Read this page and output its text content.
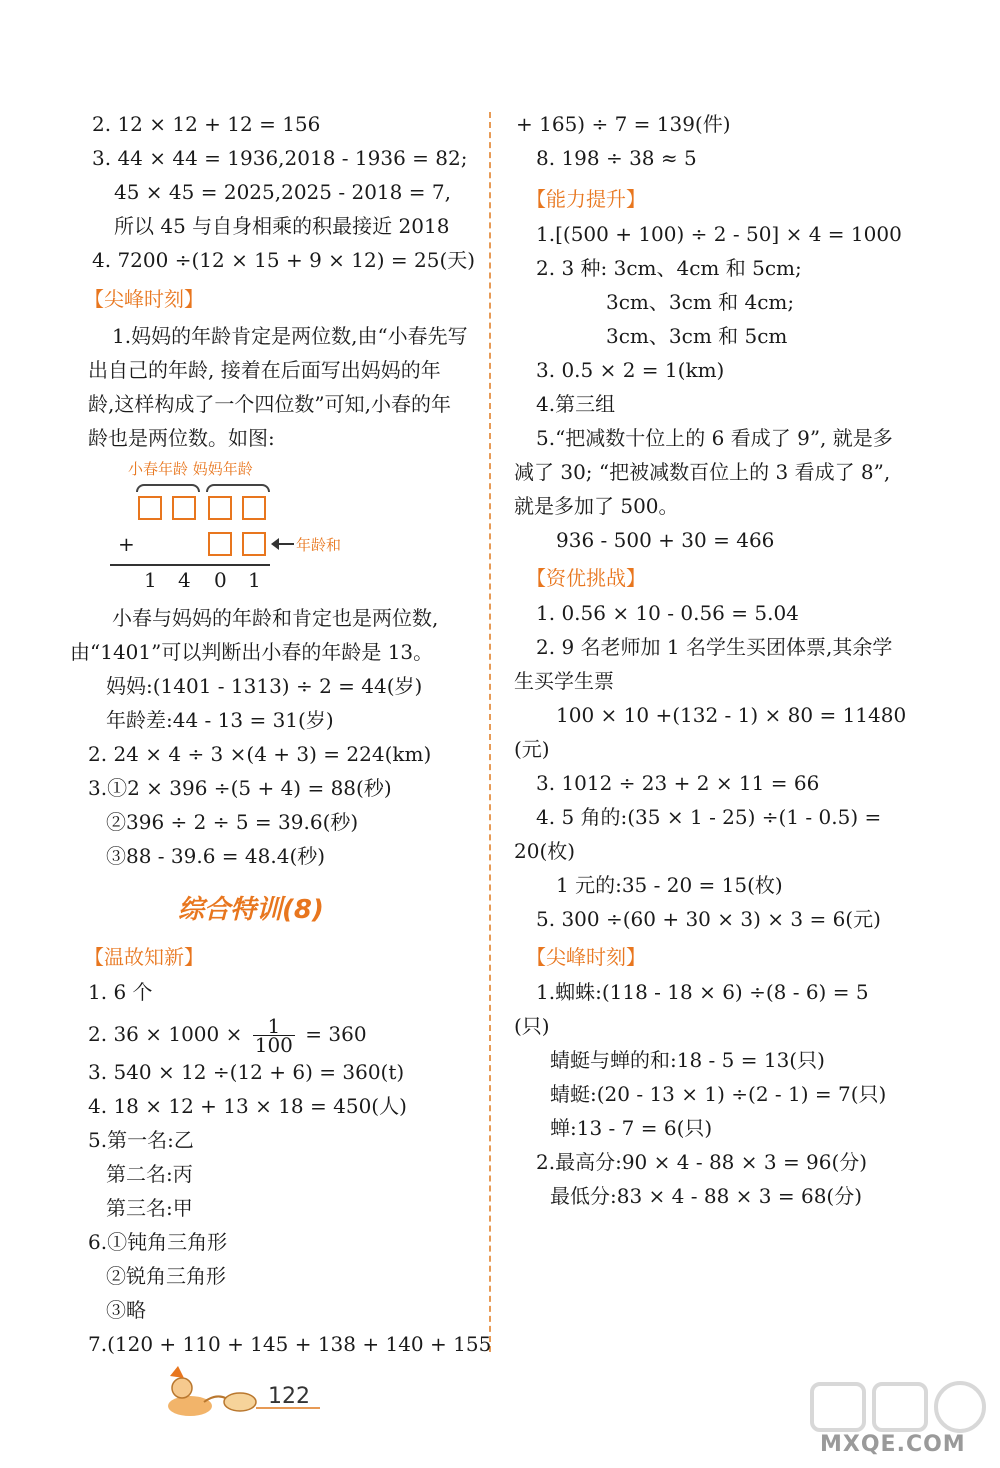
2. 12 × 12 + 12 = 156
3. 44 × 44 = 1936,2018 - 1936 = 82;
45 × 45 = 2025,2025 - 2018 = 7,
所以 45 与自身相乘的积最接近 2018
4. 7200 ÷(12 × 15 + 9 × 12) = 25(天)
【尖峰时刻】
1.妈妈的年龄肯定是两位数,由“小春先写
出自己的年龄, 接着在后面写出妈妈的年
龄,这样构成了一个四位数”可知,小春的年
龄也是两位数。如图:
小春年龄 妈妈年龄
+	年龄和
1 4 0 1
小春与妈妈的年龄和肯定也是两位数,
由“1401”可以判断出小春的年龄是 13。
妈妈:(1401 - 1313) ÷ 2 = 44(岁)
年龄差:44 - 13 = 31(岁)
2. 24 × 4 ÷ 3 ×(4 + 3) = 224(km)
3.①2 × 396 ÷(5 + 4) = 88(秒)
②396 ÷ 2 ÷ 5 = 39.6(秒)
③88 - 39.6 = 48.4(秒)
综合特训(8)
【温故知新】
1. 6 个
2. $36 \times 1000 \times \frac{1}{100} = 360$
3. 540 × 12 ÷(12 + 6) = 360(t)
4. 18 × 12 + 13 × 18 = 450(人)
5.第一名:乙
第二名:丙
第三名:甲
6.①钝角三角形
②锐角三角形
③略
7.(120 + 110 + 145 + 138 + 140 + 155
+ 165) ÷ 7 = 139(件)
8. 198 ÷ 38 ≈ 5
【能力提升】
1.[(500 + 100) ÷ 2 - 50] × 4 = 1000
2. 3 种: 3cm、4cm 和 5cm;
3cm、3cm 和 4cm;
3cm、3cm 和 5cm
3. 0.5 × 2 = 1(km)
4.第三组
5.“把减数十位上的 6 看成了 9”, 就是多
减了 30; “把被减数百位上的 3 看成了 8”,
就是多加了 500。
936 - 500 + 30 = 466
【资优挑战】
1. 0.56 × 10 - 0.56 = 5.04
2. 9 名老师加 1 名学生买团体票,其余学
生买学生票
100 × 10 +(132 - 1) × 80 = 11480
(元)
3. 1012 ÷ 23 + 2 × 11 = 66
4. 5 角的:(35 × 1 - 25) ÷(1 - 0.5) =
20(枚)
1 元的:35 - 20 = 15(枚)
5. 300 ÷(60 + 30 × 3) × 3 = 6(元)
【尖峰时刻】
1.蜘蛛:(118 - 18 × 6) ÷(8 - 6) = 5
(只)
蜻蜓与蝉的和:18 - 5 = 13(只)
蜻蜓:(20 - 13 × 1) ÷(2 - 1) = 7(只)
蝉:13 - 7 = 6(只)
2.最高分:90 × 4 - 88 × 3 = 96(分)
最低分:83 × 4 - 88 × 3 = 68(分)
122
MXQE.COM
